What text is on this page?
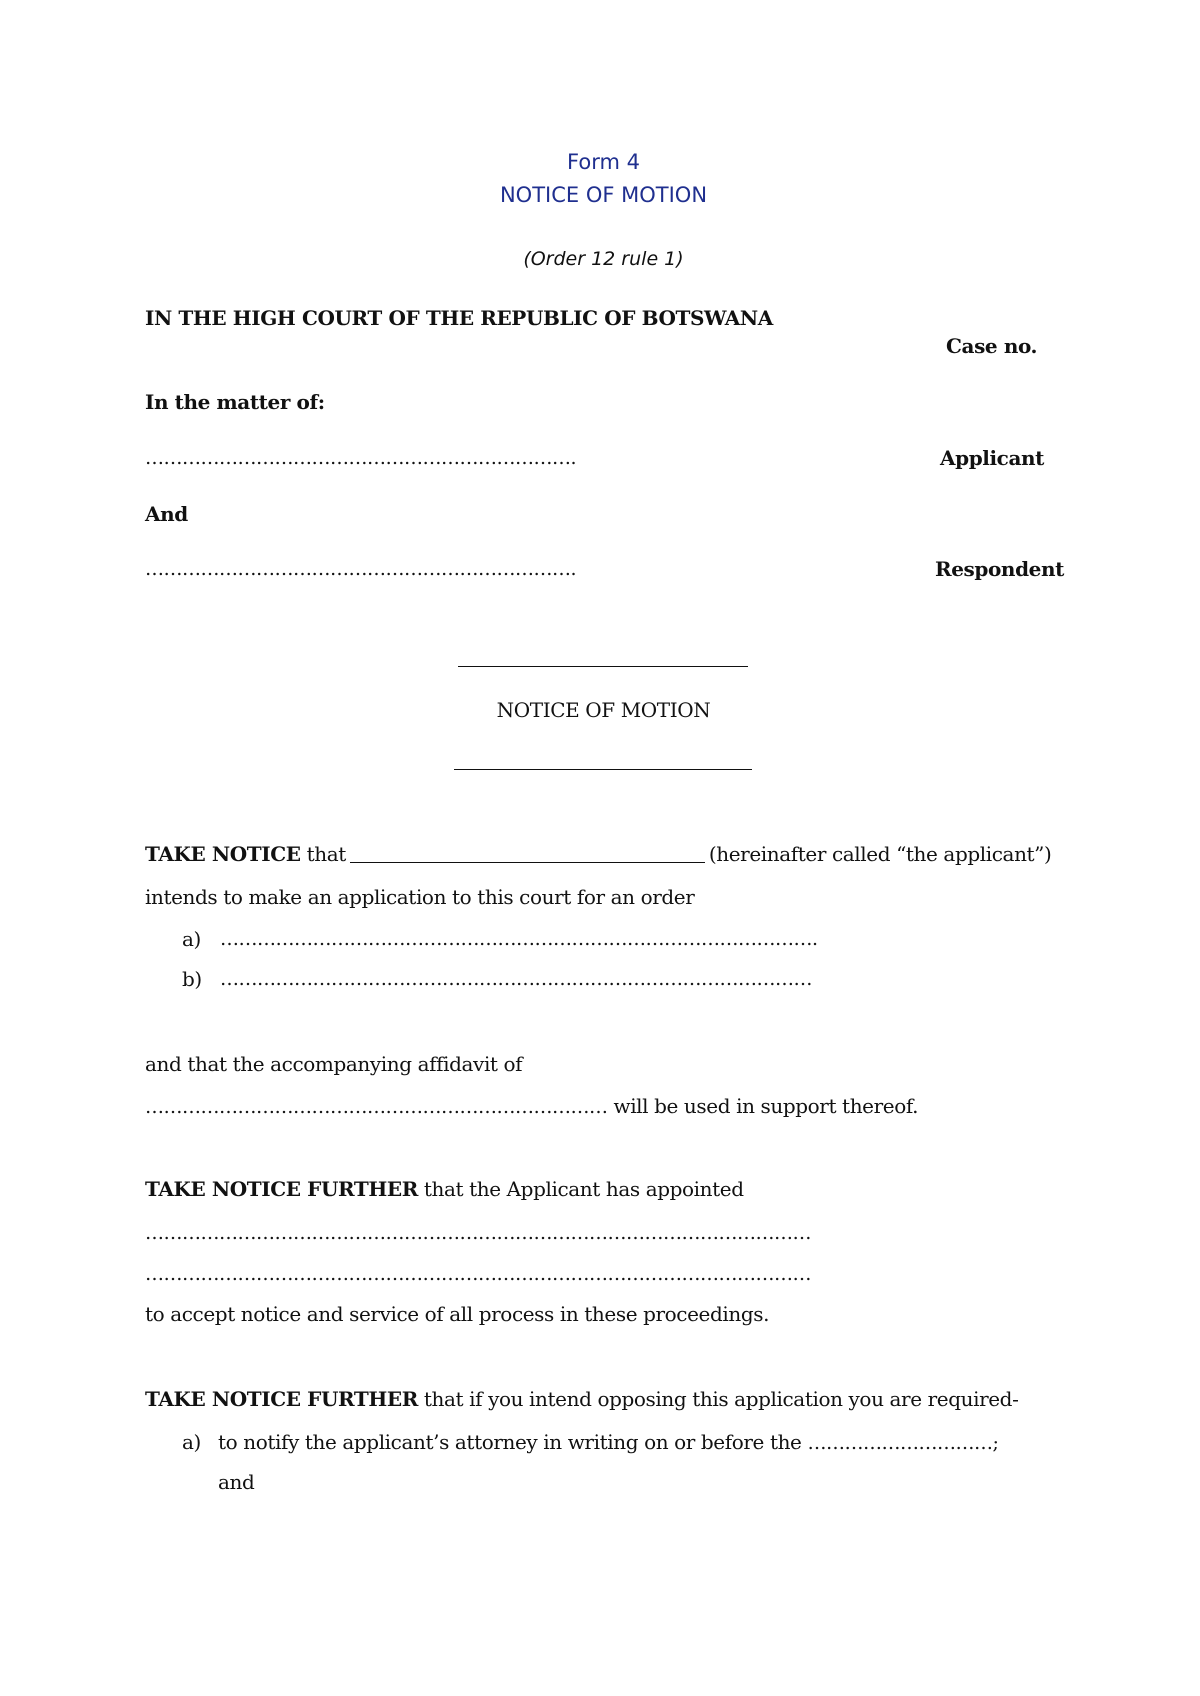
Form 4
NOTICE OF MOTION
(Order 12 rule 1)
IN THE HIGH COURT OF THE REPUBLIC OF BOTSWANA
Case no.
In the matter of:
…………………………………………………………….	Applicant
And
…………………………………………………………….	Respondent
NOTICE OF MOTION
TAKE NOTICE that	(hereinafter called “the applicant”)
intends to make an application to this court for an order
a) …………………………………………………………………………………….
b) ……………………………………………………………………………………
and that the accompanying affidavit of
………………………………………………………………… will be used in support thereof.
TAKE NOTICE FURTHER that the Applicant has appointed
………………………………………………………………………………………………
………………………………………………………………………………………………
to accept notice and service of all process in these proceedings.
TAKE NOTICE FURTHER that if you intend opposing this application you are required-
a) to notify the applicant’s attorney in writing on or before the …………………………;
and
